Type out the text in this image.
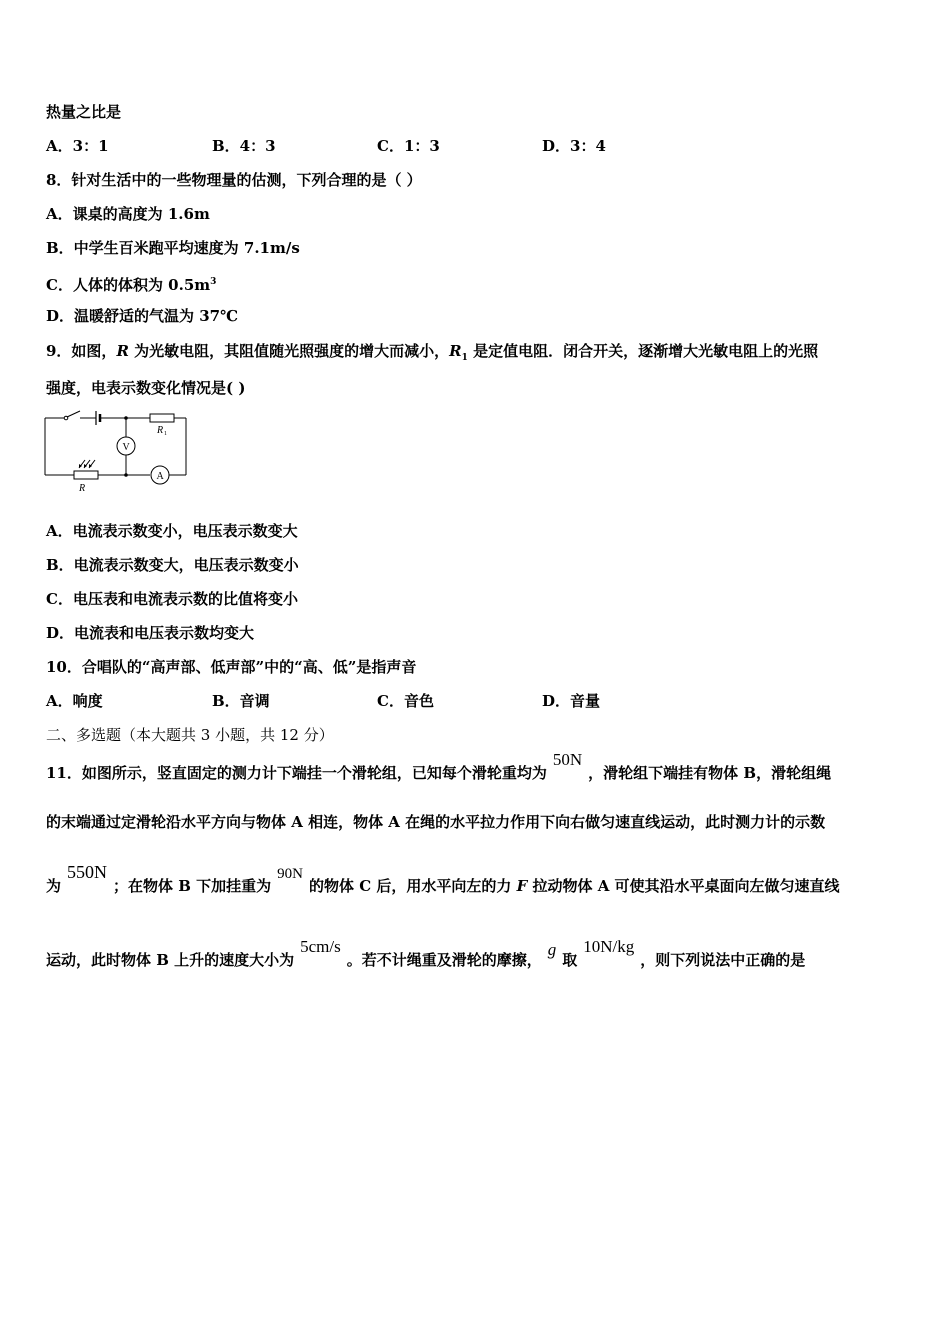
热量之比是
A．3：1	B．4：3	C．1：3	D．3：4
8．针对生活中的一些物理量的估测，下列合理的是（ ）
A．课桌的高度为 1.6m
B．中学生百米跑平均速度为 7.1m/s
C．人体的体积为 $0.5m^3$
D．温暖舒适的气温为 37℃
9．如图，R 为光敏电阻，其阻值随光照强度的增大而减小，$R_1$ 是定值电阻．闭合开关，逐渐增大光敏电阻上的光照
强度，电表示数变化情况是( )
R 1
R
V
A
A．电流表示数变小，电压表示数变大
B．电流表示数变大，电压表示数变小
C．电压表和电流表示数的比值将变小
D．电流表和电压表示数均变大
10．合唱队的“高声部、低声部”中的“高、低”是指声音
A．响度	B．音调	C．音色	D．音量
二、多选题（本大题共 3 小题，共 12 分）
11．如图所示，竖直固定的测力计下端挂一个滑轮组，已知每个滑轮重均为50N，滑轮组下端挂有物体 B，滑轮组绳
的末端通过定滑轮沿水平方向与物体 A 相连，物体 A 在绳的水平拉力作用下向右做匀速直线运动，此时测力计的示数
为550N；在物体 B 下加挂重为90N的物体 C 后，用水平向左的力 F 拉动物体 A 可使其沿水平桌面向左做匀速直线
运动，此时物体 B 上升的速度大小为5cm/s。若不计绳重及滑轮的摩擦，g取10N/kg，则下列说法中正确的是
